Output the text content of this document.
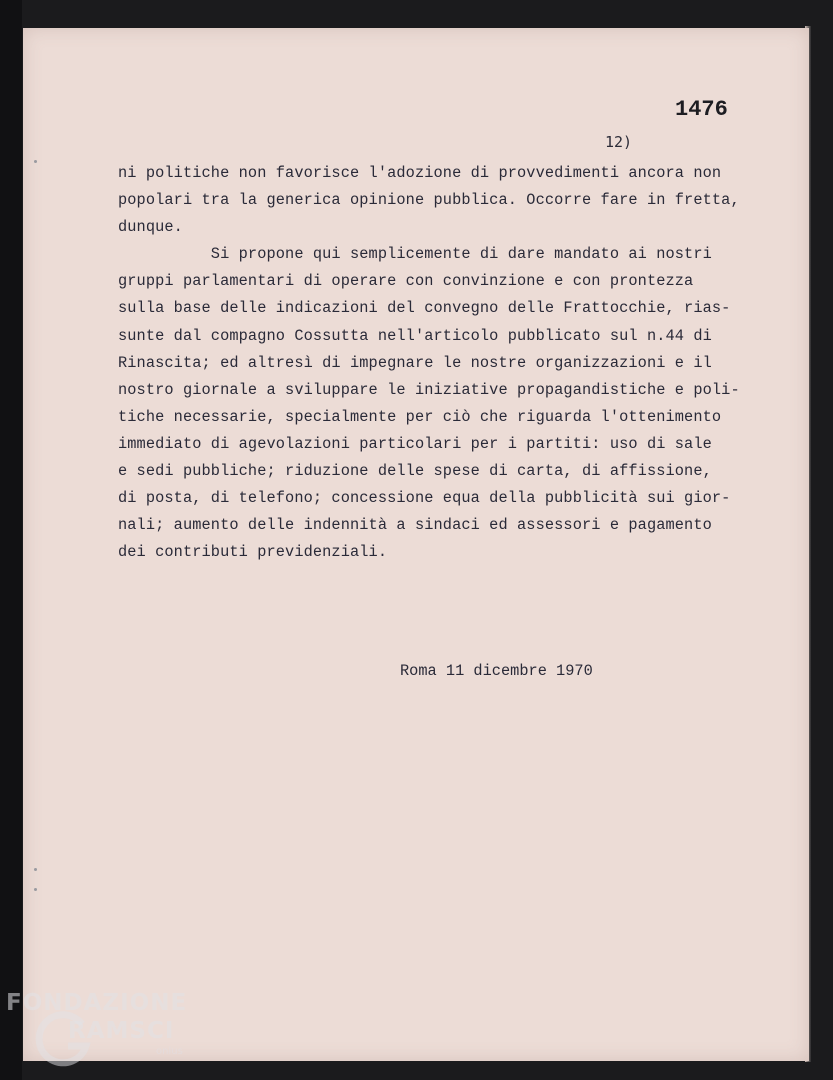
1476
12)
ni politiche non favorisce l'adozione di provvedimenti ancora non
popolari tra la generica opinione pubblica. Occorre fare in fretta,
dunque.
Si propone qui semplicemente di dare mandato ai nostri
gruppi parlamentari di operare con convinzione e con prontezza
sulla base delle indicazioni del convegno delle Frattocchie, rias-
sunte dal compagno Cossutta nell'articolo pubblicato sul n.44 di
Rinascita; ed altresì di impegnare le nostre organizzazioni e il
nostro giornale a sviluppare le iniziative propagandistiche e poli-
tiche necessarie, specialmente per ciò che riguarda l'ottenimento
immediato di agevolazioni particolari per i partiti: uso di sale
e sedi pubbliche; riduzione delle spese di carta, di affissione,
di posta, di telefono; concessione equa della pubblicità sui gior-
nali; aumento delle indennità a sindaci ed assessori e pagamento
dei contributi previdenziali.
Roma 11 dicembre 1970
FONDAZIONE
RAMSCI
onlus
